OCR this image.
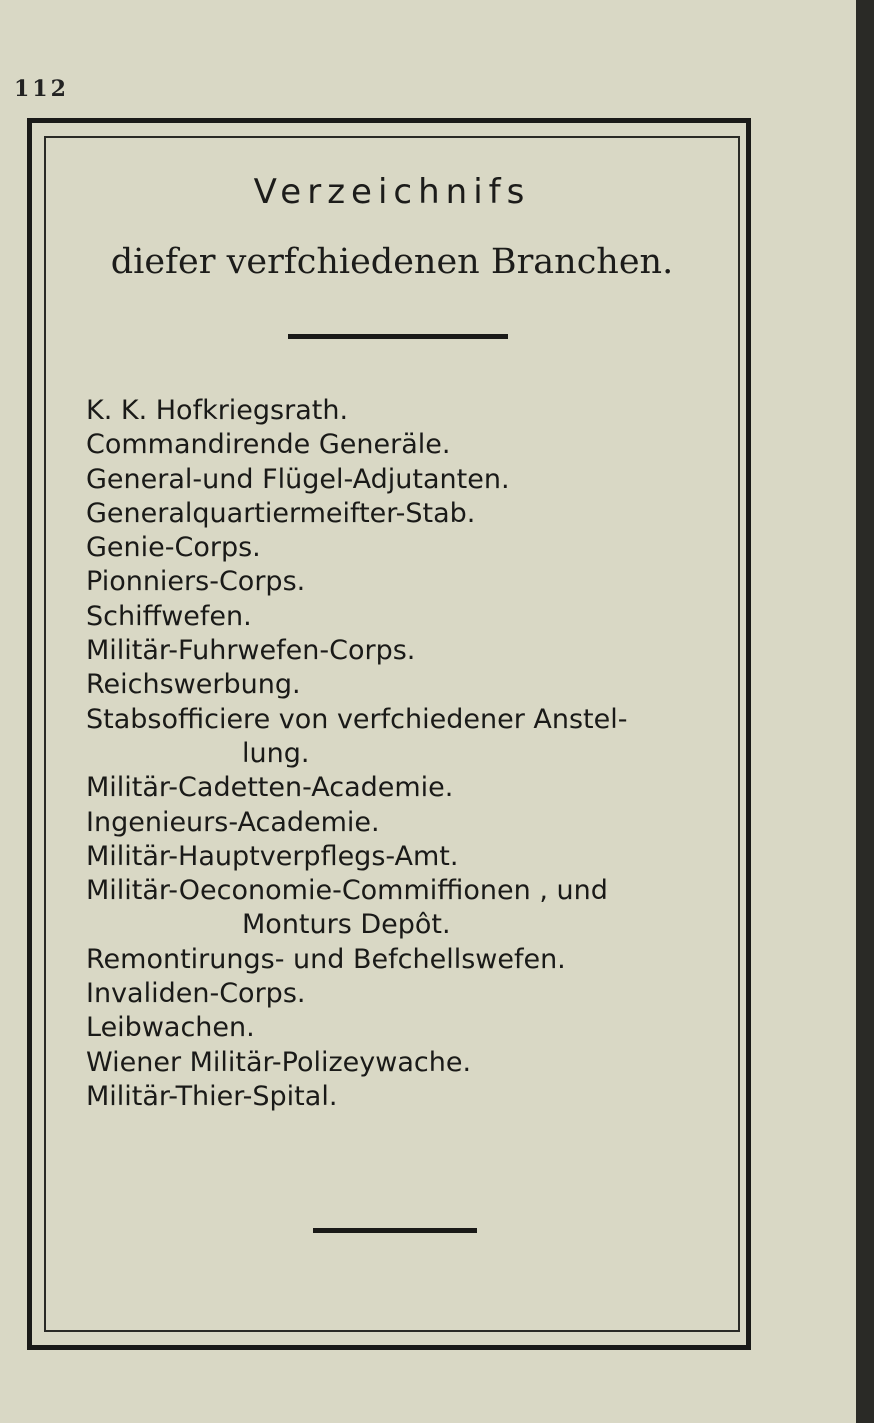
112
Verzeichnifs
diefer verfchiedenen Branchen.
K. K. Hofkriegsrath.
Commandirende Generäle.
General-und Flügel-Adjutanten.
Generalquartiermeifter-Stab.
Genie-Corps.
Pionniers-Corps.
Schiffwefen.
Militär-Fuhrwefen-Corps.
Reichswerbung.
Stabsofficiere von verfchiedener Anstel-
lung.
Militär-Cadetten-Academie.
Ingenieurs-Academie.
Militär-Hauptverpflegs-Amt.
Militär-Oeconomie-Commiffionen , und
Monturs Depôt.
Remontirungs- und Befchellswefen.
Invaliden-Corps.
Leibwachen.
Wiener Militär-Polizeywache.
Militär-Thier-Spital.
